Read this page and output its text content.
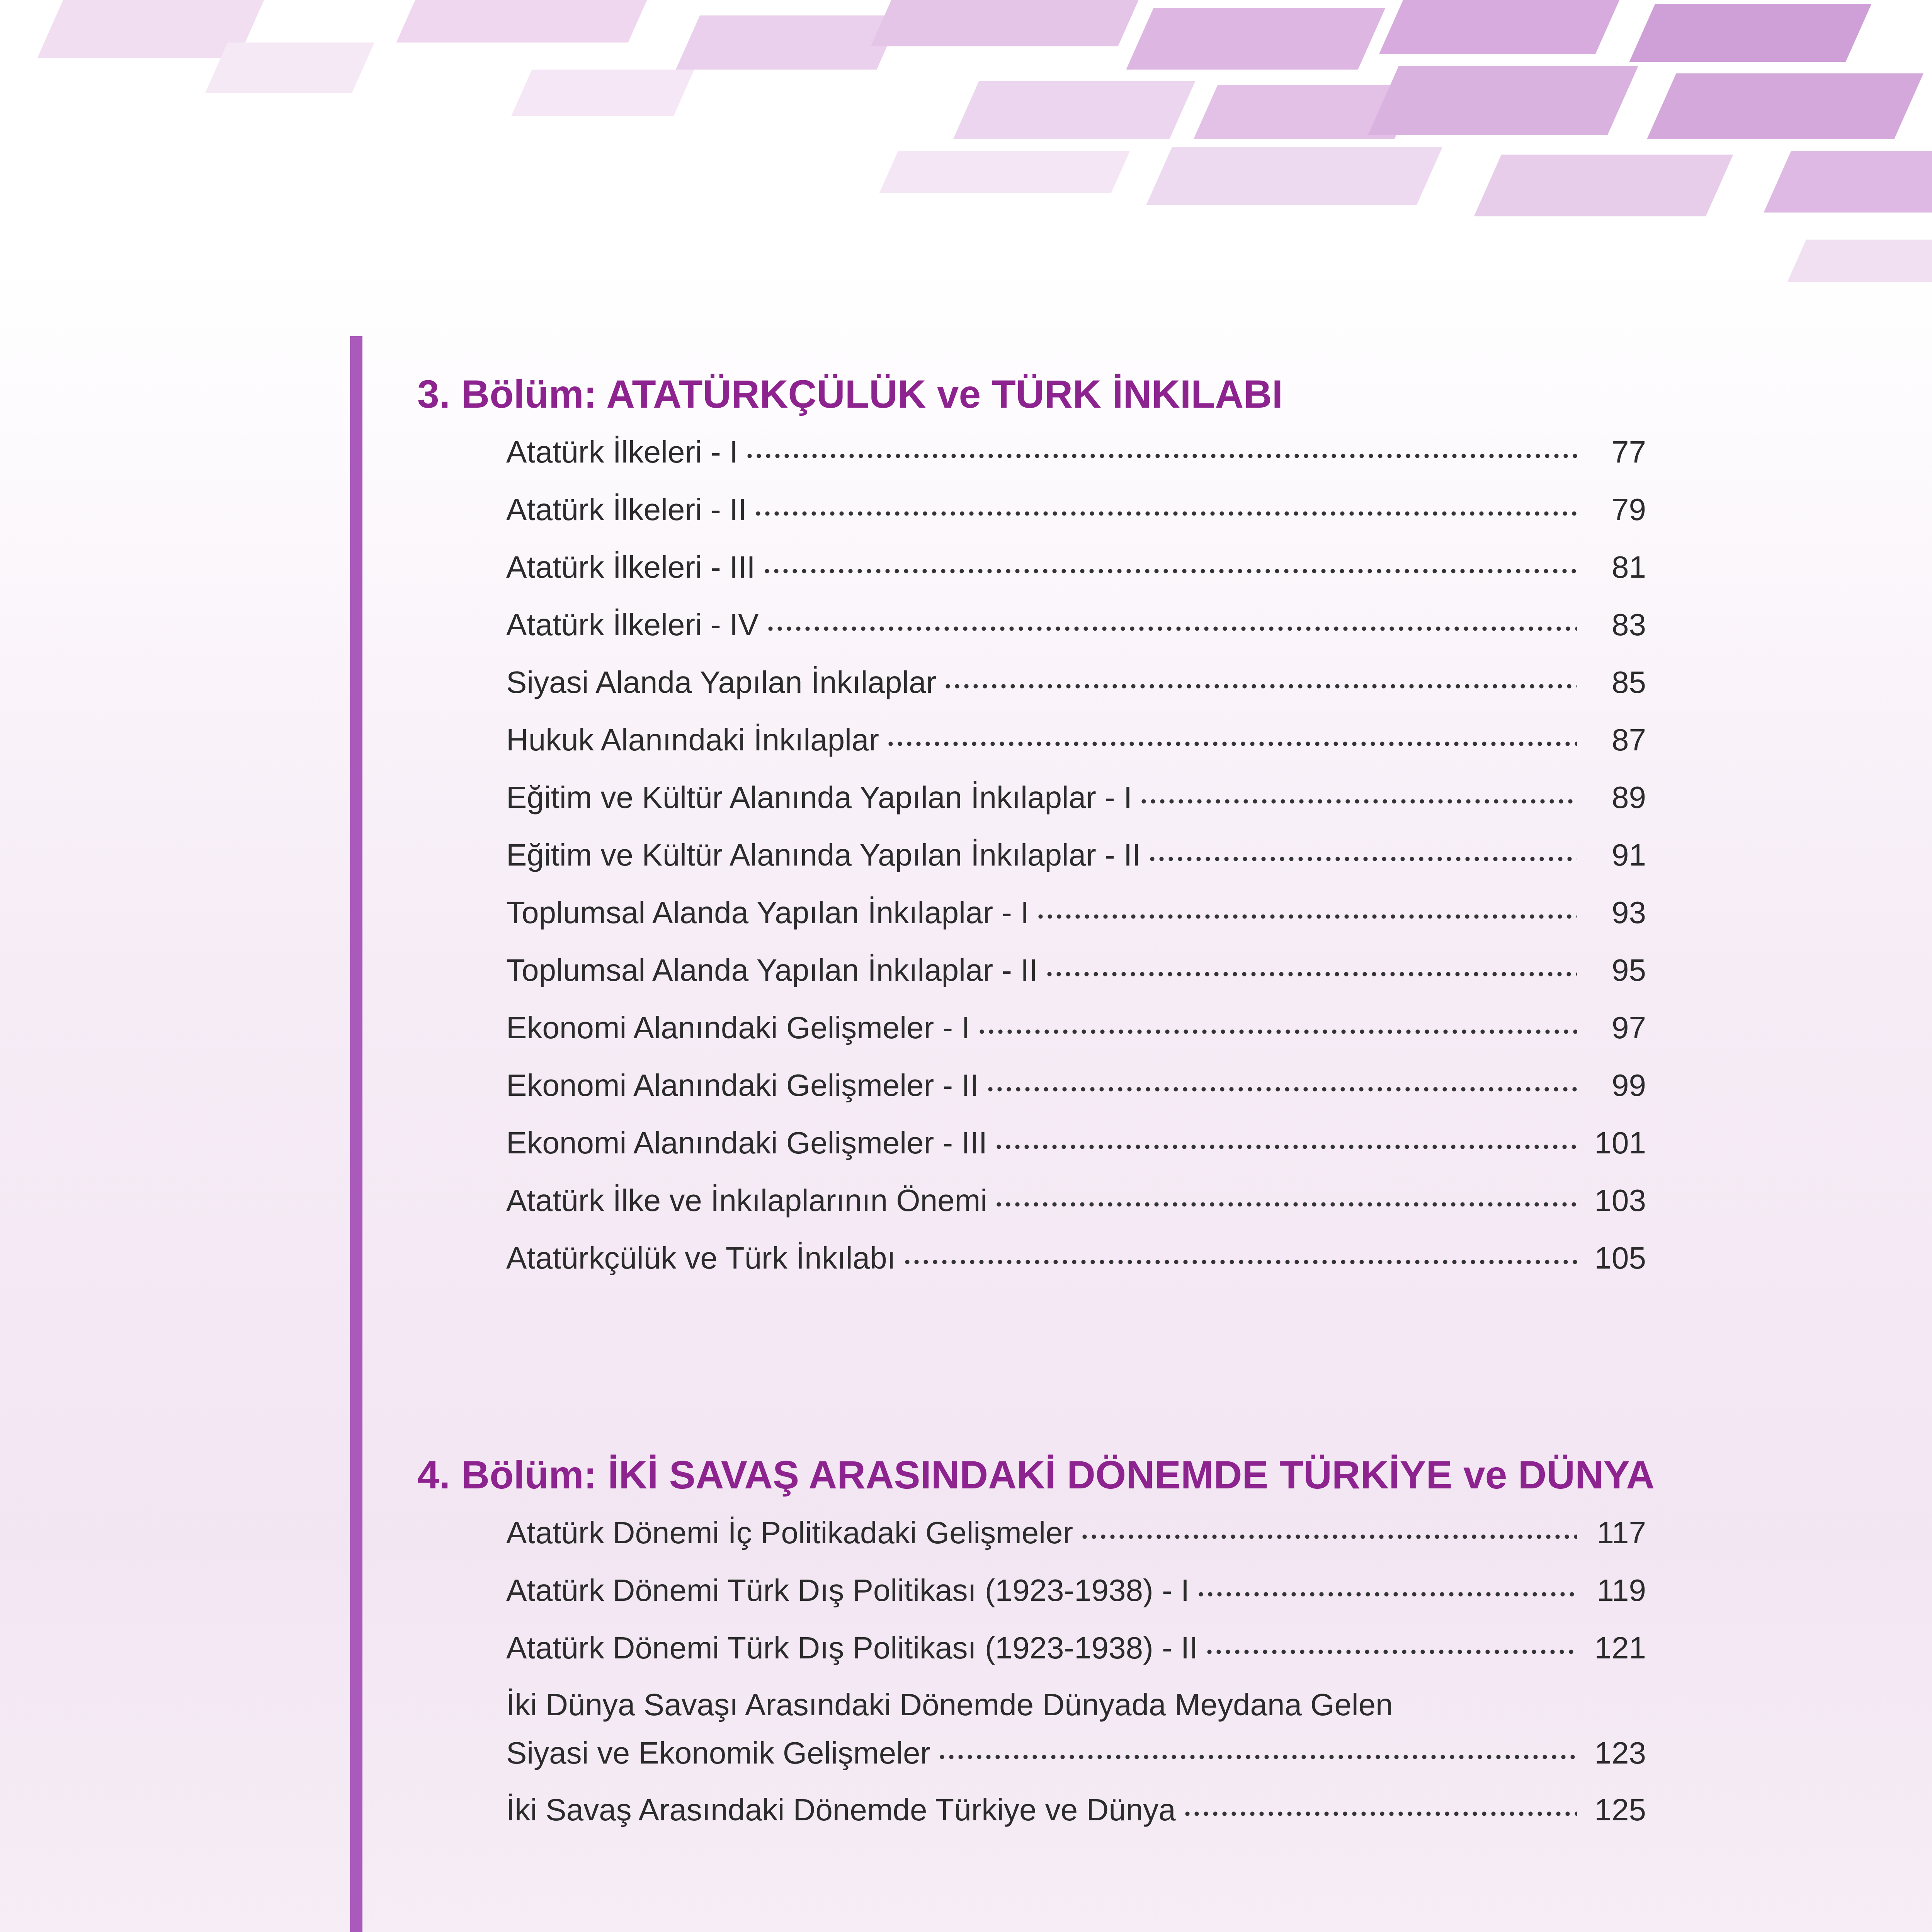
3. Bölüm: ATATÜRKÇÜLÜK ve TÜRK İNKILABI
Atatürk İlkeleri - I	77
Atatürk İlkeleri - II	79
Atatürk İlkeleri - III	81
Atatürk İlkeleri - IV	83
Siyasi Alanda Yapılan İnkılaplar	85
Hukuk Alanındaki İnkılaplar	87
Eğitim ve Kültür Alanında Yapılan İnkılaplar - I	89
Eğitim ve Kültür Alanında Yapılan İnkılaplar - II	91
Toplumsal Alanda Yapılan İnkılaplar - I	93
Toplumsal Alanda Yapılan İnkılaplar - II	95
Ekonomi Alanındaki Gelişmeler - I	97
Ekonomi Alanındaki Gelişmeler - II	99
Ekonomi Alanındaki Gelişmeler - III	101
Atatürk İlke ve İnkılaplarının Önemi	103
Atatürkçülük ve Türk İnkılabı	105
4. Bölüm: İKİ SAVAŞ ARASINDAKİ DÖNEMDE TÜRKİYE ve DÜNYA
Atatürk Dönemi İç Politikadaki Gelişmeler	117
Atatürk Dönemi Türk Dış Politikası (1923-1938) - I	119
Atatürk Dönemi Türk Dış Politikası (1923-1938) - II	121
İki Dünya Savaşı Arasındaki Dönemde Dünyada Meydana Gelen
Siyasi ve Ekonomik Gelişmeler	123
İki Savaş Arasındaki Dönemde Türkiye ve Dünya	125
